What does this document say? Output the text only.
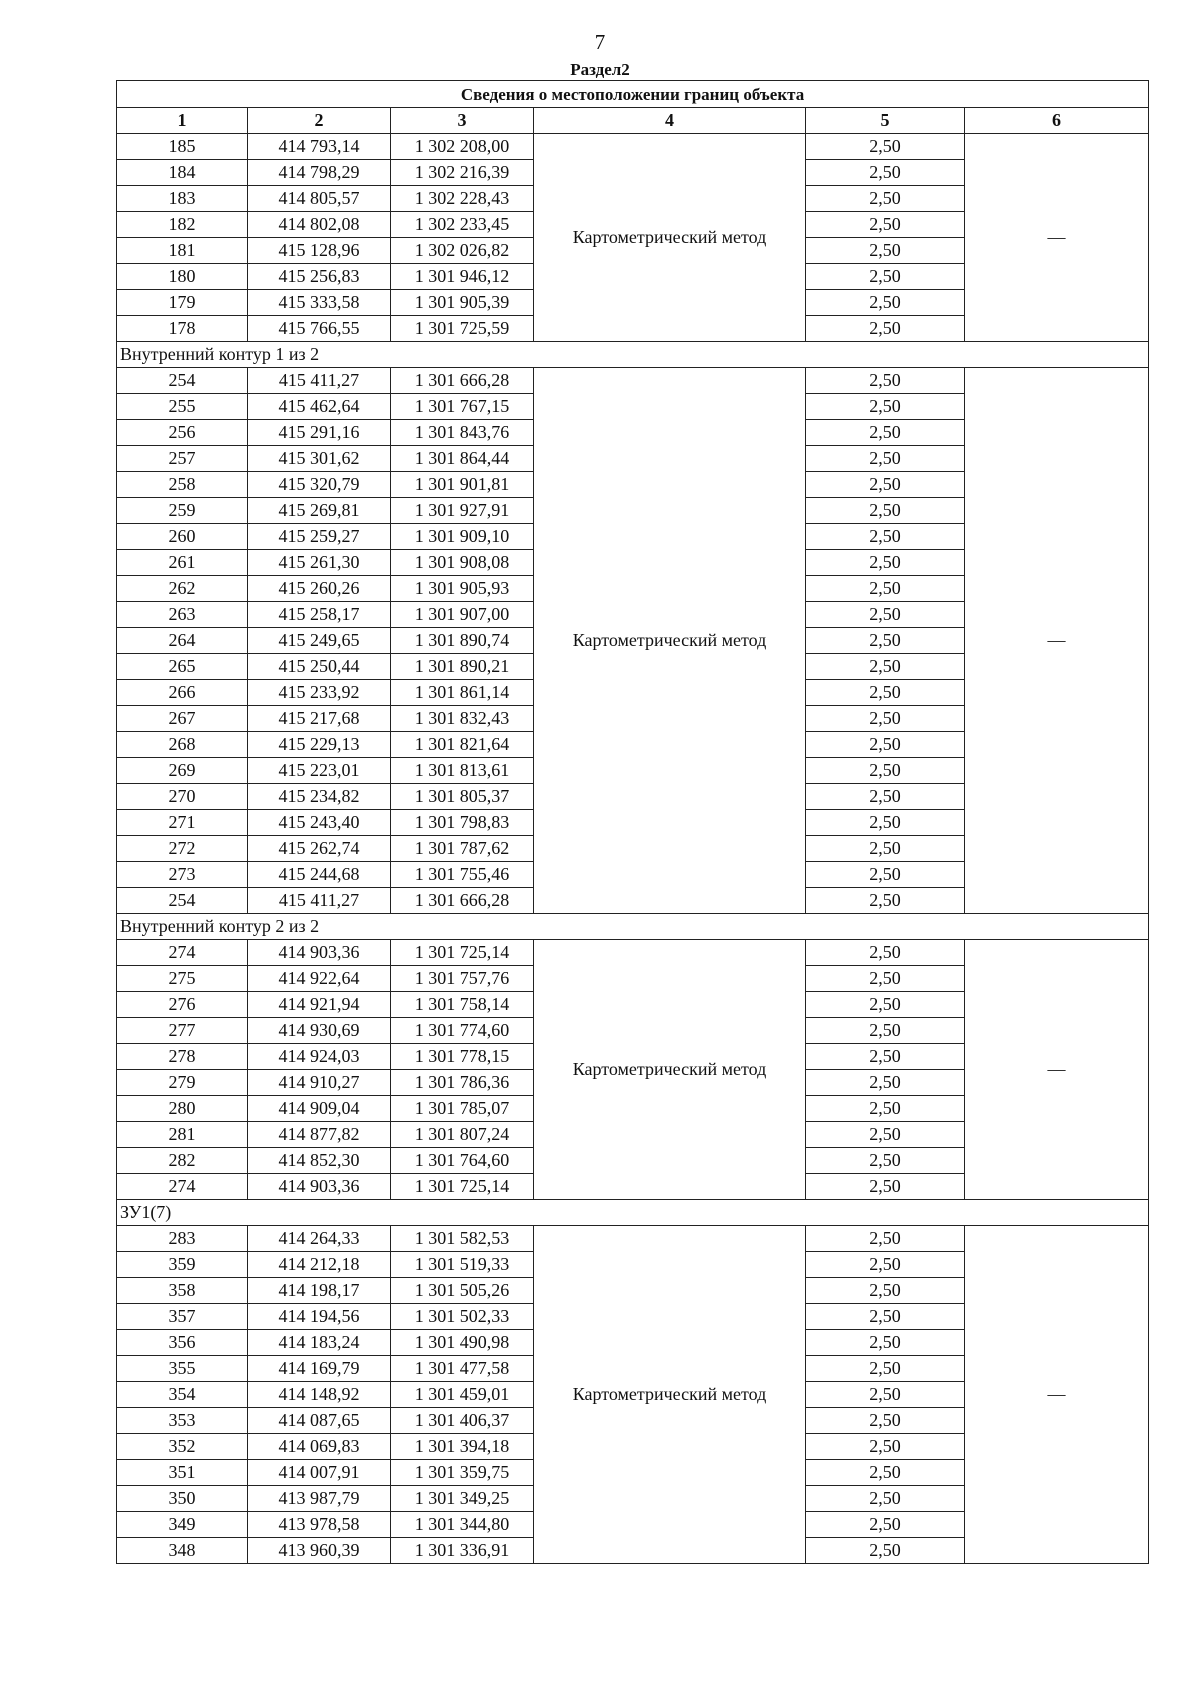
7
Раздел2
Сведения о местоположении границ объекта					
1	2	3	4	5	6
185	414 793,14	1 302 208,00	Картометрический метод	2,50	—
184	414 798,29	1 302 216,39		2,50	
183	414 805,57	1 302 228,43		2,50	
182	414 802,08	1 302 233,45		2,50	
181	415 128,96	1 302 026,82		2,50	
180	415 256,83	1 301 946,12		2,50	
179	415 333,58	1 301 905,39		2,50	
178	415 766,55	1 301 725,59		2,50	
Внутренний контур 1 из 2					
254	415 411,27	1 301 666,28	Картометрический метод	2,50	—
255	415 462,64	1 301 767,15		2,50	
256	415 291,16	1 301 843,76		2,50	
257	415 301,62	1 301 864,44		2,50	
258	415 320,79	1 301 901,81		2,50	
259	415 269,81	1 301 927,91		2,50	
260	415 259,27	1 301 909,10		2,50	
261	415 261,30	1 301 908,08		2,50	
262	415 260,26	1 301 905,93		2,50	
263	415 258,17	1 301 907,00		2,50	
264	415 249,65	1 301 890,74		2,50	
265	415 250,44	1 301 890,21		2,50	
266	415 233,92	1 301 861,14		2,50	
267	415 217,68	1 301 832,43		2,50	
268	415 229,13	1 301 821,64		2,50	
269	415 223,01	1 301 813,61		2,50	
270	415 234,82	1 301 805,37		2,50	
271	415 243,40	1 301 798,83		2,50	
272	415 262,74	1 301 787,62		2,50	
273	415 244,68	1 301 755,46		2,50	
254	415 411,27	1 301 666,28		2,50	
Внутренний контур 2 из 2					
274	414 903,36	1 301 725,14	Картометрический метод	2,50	—
275	414 922,64	1 301 757,76		2,50	
276	414 921,94	1 301 758,14		2,50	
277	414 930,69	1 301 774,60		2,50	
278	414 924,03	1 301 778,15		2,50	
279	414 910,27	1 301 786,36		2,50	
280	414 909,04	1 301 785,07		2,50	
281	414 877,82	1 301 807,24		2,50	
282	414 852,30	1 301 764,60		2,50	
274	414 903,36	1 301 725,14		2,50	
ЗУ1(7)					
283	414 264,33	1 301 582,53	Картометрический метод	2,50	—
359	414 212,18	1 301 519,33		2,50	
358	414 198,17	1 301 505,26		2,50	
357	414 194,56	1 301 502,33		2,50	
356	414 183,24	1 301 490,98		2,50	
355	414 169,79	1 301 477,58		2,50	
354	414 148,92	1 301 459,01		2,50	
353	414 087,65	1 301 406,37		2,50	
352	414 069,83	1 301 394,18		2,50	
351	414 007,91	1 301 359,75		2,50	
350	413 987,79	1 301 349,25		2,50	
349	413 978,58	1 301 344,80		2,50	
348	413 960,39	1 301 336,91		2,50	
